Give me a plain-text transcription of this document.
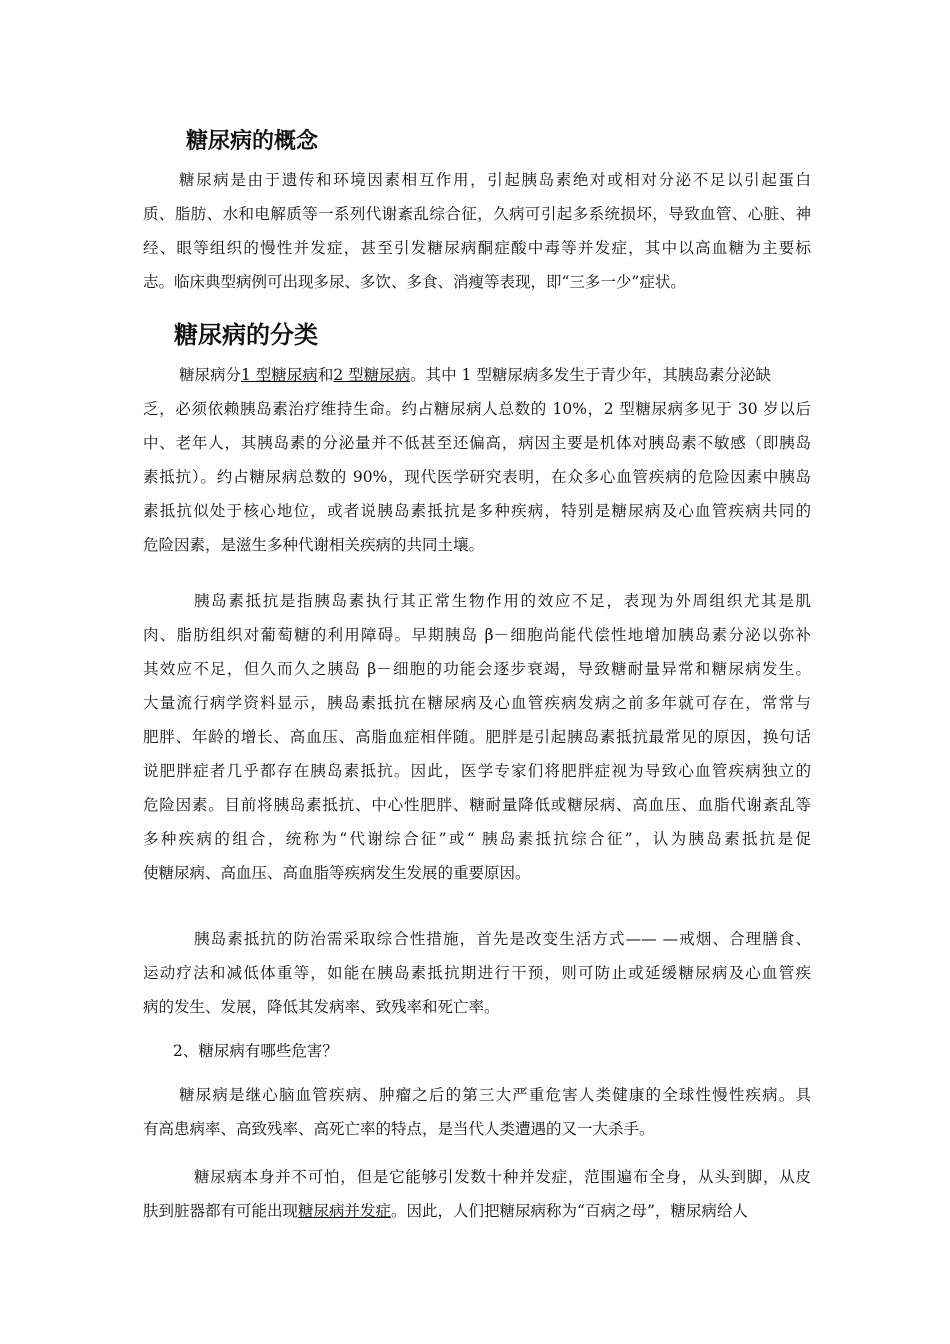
糖尿病的概念
糖尿病是由于遗传和环境因素相互作用，引起胰岛素绝对或相对分泌不足以引起蛋白
质、脂肪、水和电解质等一系列代谢紊乱综合征，久病可引起多系统损坏，导致血管、心脏、神
经、眼等组织的慢性并发症，甚至引发糖尿病酮症酸中毒等并发症，其中以高血糖为主要标
志。临床典型病例可出现多尿、多饮、多食、消瘦等表现，即“三多一少”症状。
糖尿病的分类
糖尿病分1 型糖尿病和2 型糖尿病。其中 1 型糖尿病多发生于青少年，其胰岛素分泌缺
乏，必须依赖胰岛素治疗维持生命。约占糖尿病人总数的 10%，2 型糖尿病多见于 30 岁以后
中、老年人，其胰岛素的分泌量并不低甚至还偏高，病因主要是机体对胰岛素不敏感（即胰岛
素抵抗）。约占糖尿病总数的 90%，现代医学研究表明，在众多心血管疾病的危险因素中胰岛
素抵抗似处于核心地位，或者说胰岛素抵抗是多种疾病，特别是糖尿病及心血管疾病共同的
危险因素，是滋生多种代谢相关疾病的共同土壤。
胰岛素抵抗是指胰岛素执行其正常生物作用的效应不足，表现为外周组织尤其是肌
肉、脂肪组织对葡萄糖的利用障碍。早期胰岛 β－细胞尚能代偿性地增加胰岛素分泌以弥补
其效应不足，但久而久之胰岛 β－细胞的功能会逐步衰竭，导致糖耐量异常和糖尿病发生。
大量流行病学资料显示，胰岛素抵抗在糖尿病及心血管疾病发病之前多年就可存在，常常与
肥胖、年龄的增长、高血压、高脂血症相伴随。肥胖是引起胰岛素抵抗最常见的原因，换句话
说肥胖症者几乎都存在胰岛素抵抗。因此，医学专家们将肥胖症视为导致心血管疾病独立的
危险因素。目前将胰岛素抵抗、中心性肥胖、糖耐量降低或糖尿病、高血压、血脂代谢紊乱等
多种疾病的组合，统称为“代谢综合征”或“ 胰岛素抵抗综合征”，认为胰岛素抵抗是促
使糖尿病、高血压、高血脂等疾病发生发展的重要原因。
胰岛素抵抗的防治需采取综合性措施，首先是改变生活方式—— —戒烟、合理膳食、
运动疗法和减低体重等，如能在胰岛素抵抗期进行干预，则可防止或延缓糖尿病及心血管疾
病的发生、发展，降低其发病率、致残率和死亡率。
2、糖尿病有哪些危害？
糖尿病是继心脑血管疾病、肿瘤之后的第三大严重危害人类健康的全球性慢性疾病。具
有高患病率、高致残率、高死亡率的特点，是当代人类遭遇的又一大杀手。
糖尿病本身并不可怕，但是它能够引发数十种并发症，范围遍布全身，从头到脚，从皮
肤到脏器都有可能出现糖尿病并发症。因此，人们把糖尿病称为“百病之母”，糖尿病给人
